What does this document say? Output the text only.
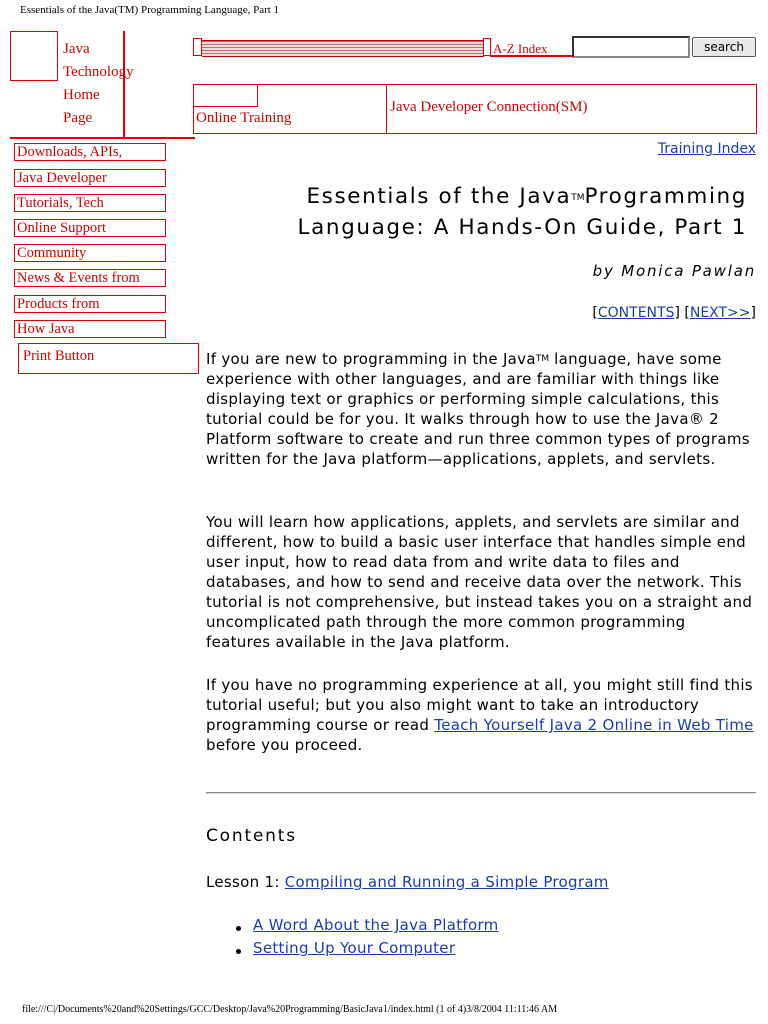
Essentials of the Java(TM) Programming Language, Part 1
Java
Technology
Home
Page
A-Z Index	search
Online Training
Java Developer Connection(SM)
Downloads, APIs,
Java Developer
Tutorials, Tech
Online Support
Community
News & Events from
Products from
How Java
Print Button
Training Index
Essentials of the JavaTMProgramming
Language: A Hands-On Guide, Part 1
by Monica Pawlan
[CONTENTS] [NEXT>>]
If you are new to programming in the Java™ language, have some experience with other languages, and are familiar with things like displaying text or graphics or performing simple calculations, this tutorial could be for you. It walks through how to use the Java® 2 Platform software to create and run three common types of programs written for the Java platform—applications, applets, and servlets.
You will learn how applications, applets, and servlets are similar and different, how to build a basic user interface that handles simple end user input, how to read data from and write data to files and databases, and how to send and receive data over the network. This tutorial is not comprehensive, but instead takes you on a straight and uncomplicated path through the more common programming features available in the Java platform.
If you have no programming experience at all, you might still find this tutorial useful; but you also might want to take an introductory programming course or read Teach Yourself Java 2 Online in Web Time before you proceed.
Contents
Lesson 1: Compiling and Running a Simple Program
A Word About the Java Platform
Setting Up Your Computer
file:///C|/Documents%20and%20Settings/GCC/Desktop/Java%20Programming/BasicJava1/index.html (1 of 4)3/8/2004 11:11:46 AM
